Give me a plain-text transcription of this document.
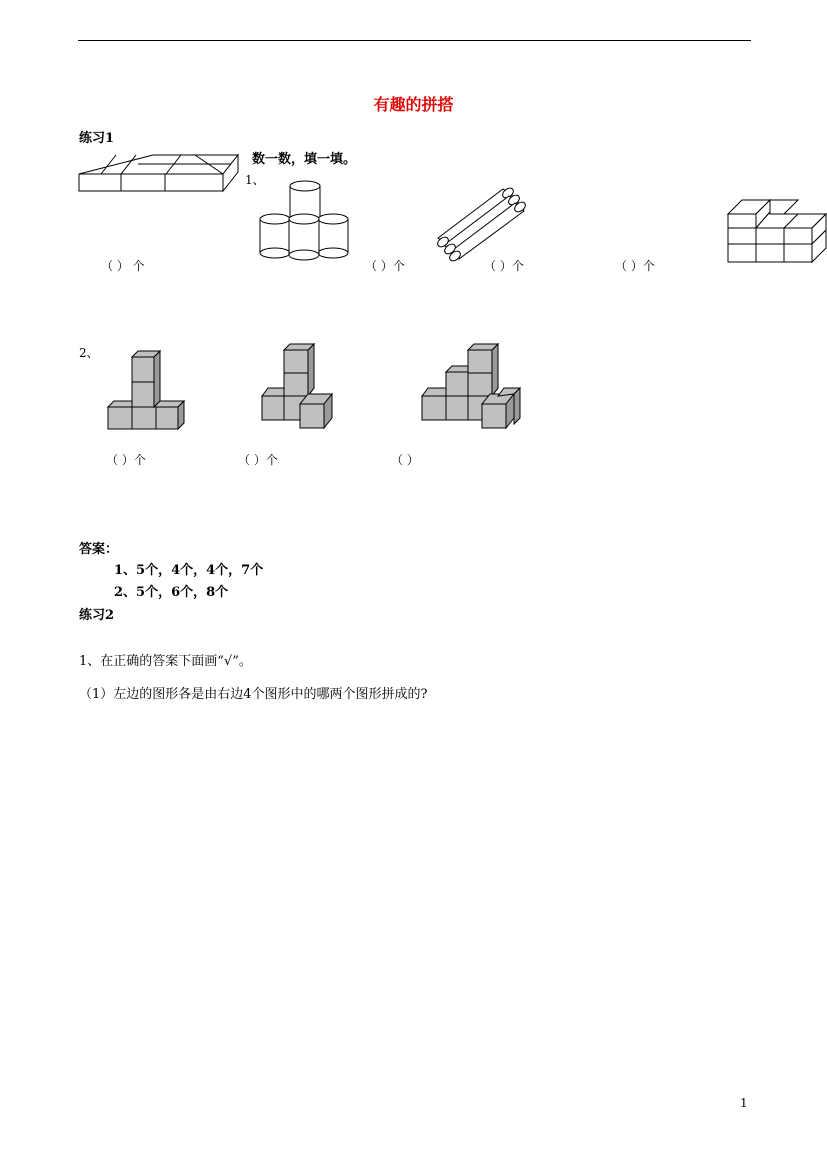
有趣的拼搭
练习1
数一数，填一填。
1、
（ ） 个	（ ）个	（ ）个	（ ）个
2、
（ ）个	（ ）个	（ ）
答案：
1、5个，4个，4个，7个
2、5个，6个，8个
练习2
1、在正确的答案下面画“√”。
（1）左边的图形各是由右边4个图形中的哪两个图形拼成的?
1
